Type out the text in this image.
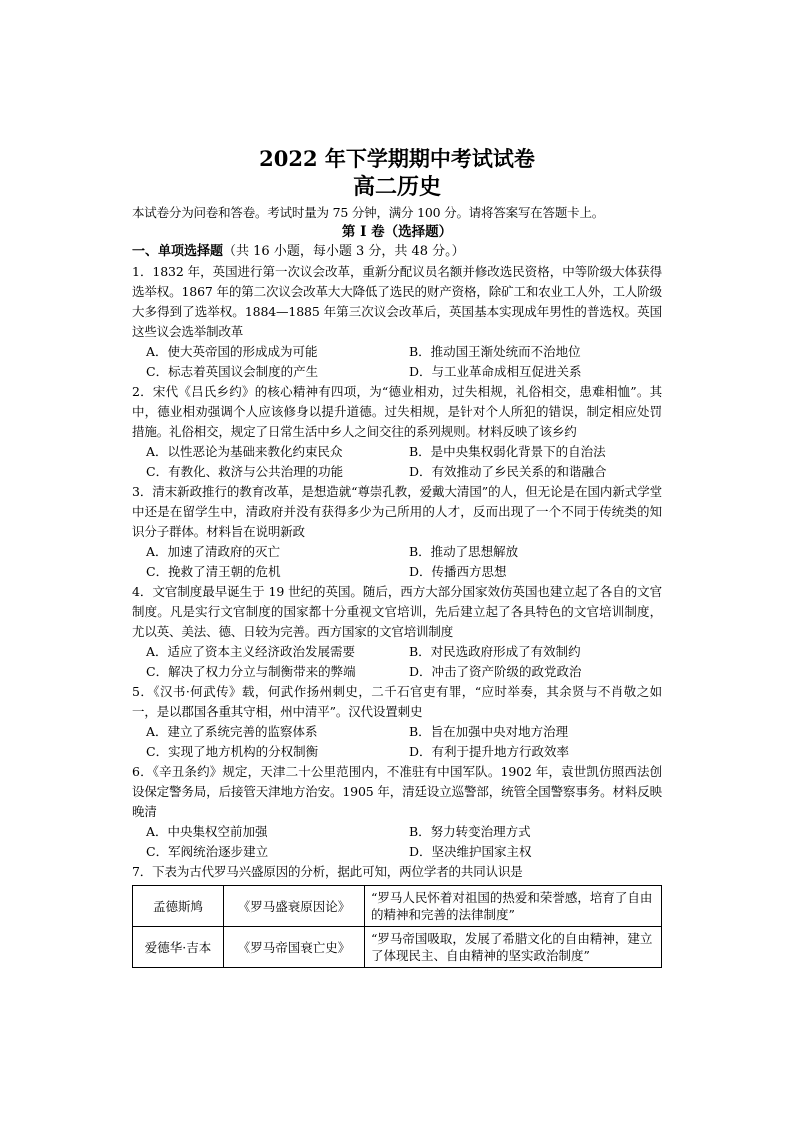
2022 年下学期期中考试试卷
高二历史
本试卷分为问卷和答卷。考试时量为 75 分钟，满分 100 分。请将答案写在答题卡上。
第 I 卷（选择题）
一、单项选择题（共 16 小题，每小题 3 分，共 48 分。）
1．1832 年，英国进行第一次议会改革，重新分配议员名额并修改选民资格，中等阶级大体获得选举权。1867 年的第二次议会改革大大降低了选民的财产资格，除矿工和农业工人外，工人阶级大多得到了选举权。1884—1885 年第三次议会改革后，英国基本实现成年男性的普选权。英国这些议会选举制改革
A．使大英帝国的形成成为可能	B．推动国王渐处统而不治地位
C．标志着英国议会制度的产生	D．与工业革命成相互促进关系
2．宋代《吕氏乡约》的核心精神有四项，为“德业相劝，过失相规，礼俗相交，患难相恤”。其中，德业相劝强调个人应该修身以提升道德。过失相规，是针对个人所犯的错误，制定相应处罚措施。礼俗相交，规定了日常生活中乡人之间交往的系列规则。材料反映了该乡约
A．以性恶论为基础来教化约束民众	B．是中央集权弱化背景下的自治法
C．有教化、救济与公共治理的功能	D．有效推动了乡民关系的和谐融合
3．清末新政推行的教育改革，是想造就“尊崇孔教，爱戴大清国”的人，但无论是在国内新式学堂中还是在留学生中，清政府并没有获得多少为己所用的人才，反而出现了一个不同于传统类的知识分子群体。材料旨在说明新政
A．加速了清政府的灭亡	B．推动了思想解放
C．挽救了清王朝的危机	D．传播西方思想
4．文官制度最早诞生于 19 世纪的英国。随后，西方大部分国家效仿英国也建立起了各自的文官制度。凡是实行文官制度的国家都十分重视文官培训，先后建立起了各具特色的文官培训制度，尤以英、美法、德、日较为完善。西方国家的文官培训制度
A．适应了资本主义经济政治发展需要	B．对民选政府形成了有效制约
C．解决了权力分立与制衡带来的弊端	D．冲击了资产阶级的政党政治
5．《汉书·何武传》载，何武作扬州刺史，二千石官吏有罪，“应时举奏，其余贤与不肖敬之如一，是以郡国各重其守相，州中清平”。汉代设置刺史
A．建立了系统完善的监察体系	B．旨在加强中央对地方治理
C．实现了地方机构的分权制衡	D．有利于提升地方行政效率
6．《辛丑条约》规定，天津二十公里范围内，不准驻有中国军队。1902 年，袁世凯仿照西法创设保定警务局，后接管天津地方治安。1905 年，清廷设立巡警部，统管全国警察事务。材料反映晚清
A．中央集权空前加强	B．努力转变治理方式
C．军阀统治逐步建立	D．坚决维护国家主权
7．下表为古代罗马兴盛原因的分析，据此可知，两位学者的共同认识是
孟德斯鸠	《罗马盛衰原因论》	“罗马人民怀着对祖国的热爱和荣誉感，培育了自由的精神和完善的法律制度”
爱德华·吉本	《罗马帝国衰亡史》	“罗马帝国吸取，发展了希腊文化的自由精神，建立了体现民主、自由精神的坚实政治制度”
